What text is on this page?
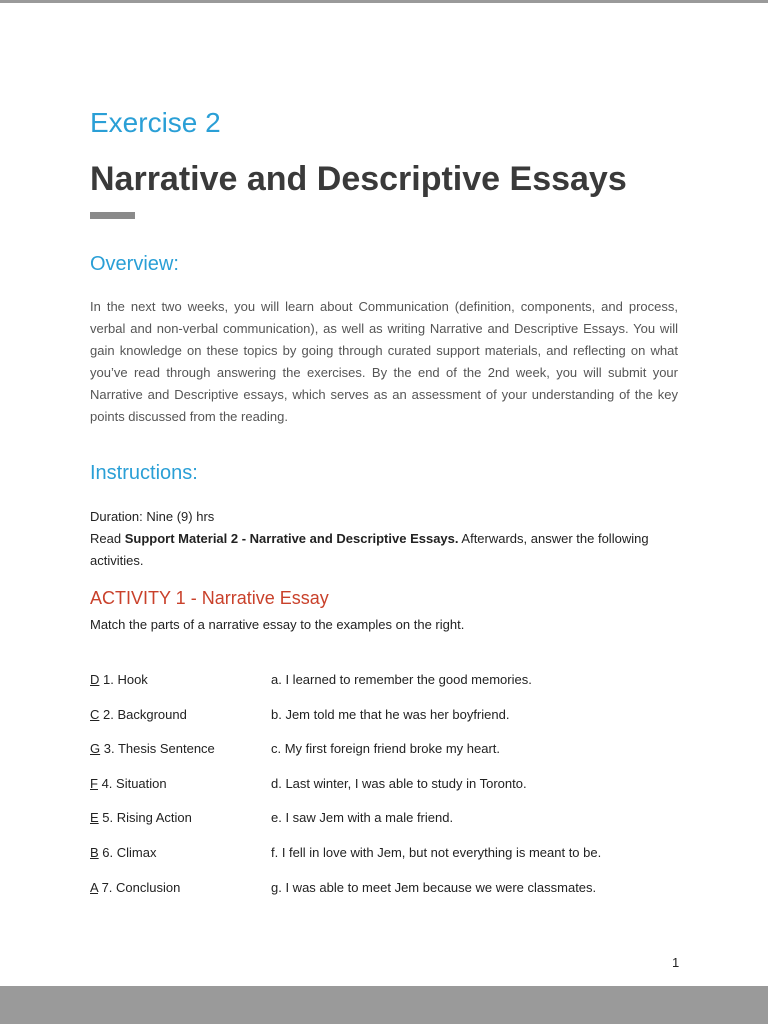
Exercise 2
Narrative and Descriptive Essays
Overview:
In the next two weeks, you will learn about Communication (definition, components, and process, verbal and non-verbal communication), as well as writing Narrative and Descriptive Essays. You will gain knowledge on these topics by going through curated support materials, and reflecting on what you’ve read through answering the exercises. By the end of the 2nd week, you will submit your Narrative and Descriptive essays, which serves as an assessment of your understanding of the key points discussed from the reading.
Instructions:

Duration: Nine (9) hrs

Read Support Material 2 - Narrative and Descriptive Essays. Afterwards, answer the following activities.

ACTIVITY 1 - Narrative Essay
Match the parts of a narrative essay to the examples on the right.
D 1. Hook	a. I learned to remember the good memories.
C 2. Background	b. Jem told me that he was her boyfriend.
G 3. Thesis Sentence	c. My first foreign friend broke my heart.
F 4. Situation	d. Last winter, I was able to study in Toronto.
E 5. Rising Action	e. I saw Jem with a male friend.
B 6. Climax	f. I fell in love with Jem, but not everything is meant to be.
A 7. Conclusion	g. I was able to meet Jem because we were classmates.
1
